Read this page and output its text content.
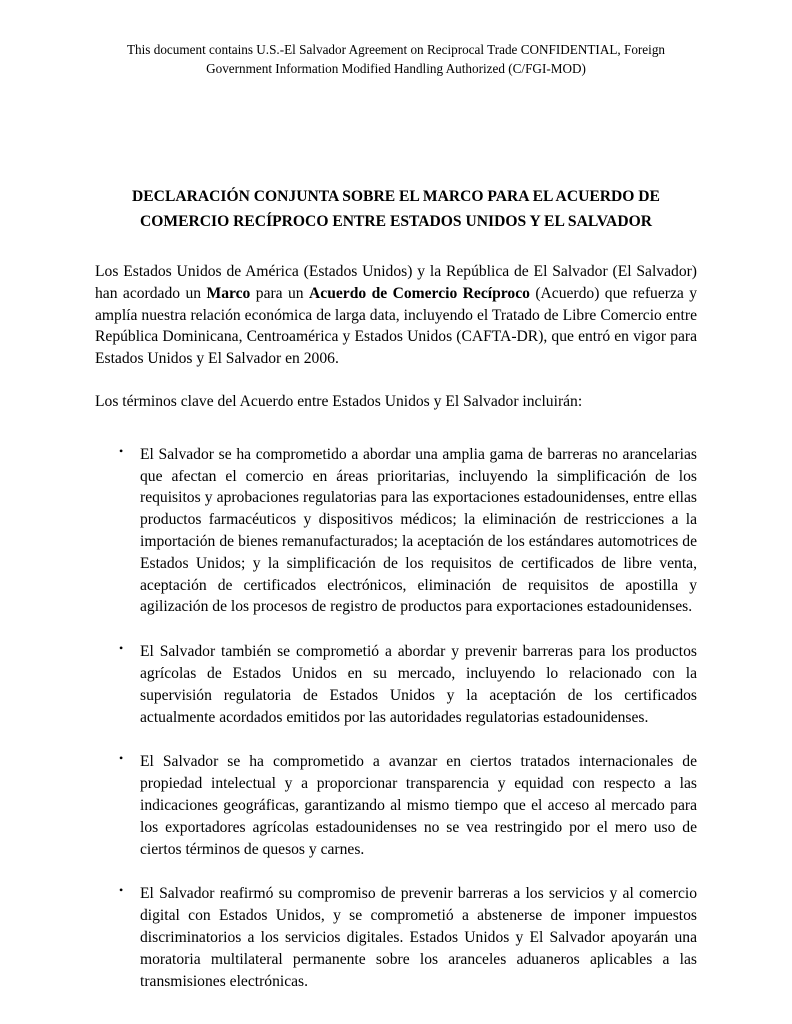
This document contains U.S.-El Salvador Agreement on Reciprocal Trade CONFIDENTIAL, Foreign Government Information Modified Handling Authorized (C/FGI-MOD)

DECLARACIÓN CONJUNTA SOBRE EL MARCO PARA EL ACUERDO DE COMERCIO RECÍPROCO ENTRE ESTADOS UNIDOS Y EL SALVADOR

Los Estados Unidos de América (Estados Unidos) y la República de El Salvador (El Salvador) han acordado un Marco para un Acuerdo de Comercio Recíproco (Acuerdo) que refuerza y amplía nuestra relación económica de larga data, incluyendo el Tratado de Libre Comercio entre República Dominicana, Centroamérica y Estados Unidos (CAFTA-DR), que entró en vigor para Estados Unidos y El Salvador en 2006.

Los términos clave del Acuerdo entre Estados Unidos y El Salvador incluirán:

• El Salvador se ha comprometido a abordar una amplia gama de barreras no arancelarias que afectan el comercio en áreas prioritarias, incluyendo la simplificación de los requisitos y aprobaciones regulatorias para las exportaciones estadounidenses, entre ellas productos farmacéuticos y dispositivos médicos; la eliminación de restricciones a la importación de bienes remanufacturados; la aceptación de los estándares automotrices de Estados Unidos; y la simplificación de los requisitos de certificados de libre venta, aceptación de certificados electrónicos, eliminación de requisitos de apostilla y agilización de los procesos de registro de productos para exportaciones estadounidenses.
• El Salvador también se comprometió a abordar y prevenir barreras para los productos agrícolas de Estados Unidos en su mercado, incluyendo lo relacionado con la supervisión regulatoria de Estados Unidos y la aceptación de los certificados actualmente acordados emitidos por las autoridades regulatorias estadounidenses.
• El Salvador se ha comprometido a avanzar en ciertos tratados internacionales de propiedad intelectual y a proporcionar transparencia y equidad con respecto a las indicaciones geográficas, garantizando al mismo tiempo que el acceso al mercado para los exportadores agrícolas estadounidenses no se vea restringido por el mero uso de ciertos términos de quesos y carnes.
• El Salvador reafirmó su compromiso de prevenir barreras a los servicios y al comercio digital con Estados Unidos, y se comprometió a abstenerse de imponer impuestos discriminatorios a los servicios digitales. Estados Unidos y El Salvador apoyarán una moratoria multilateral permanente sobre los aranceles aduaneros aplicables a las transmisiones electrónicas.
